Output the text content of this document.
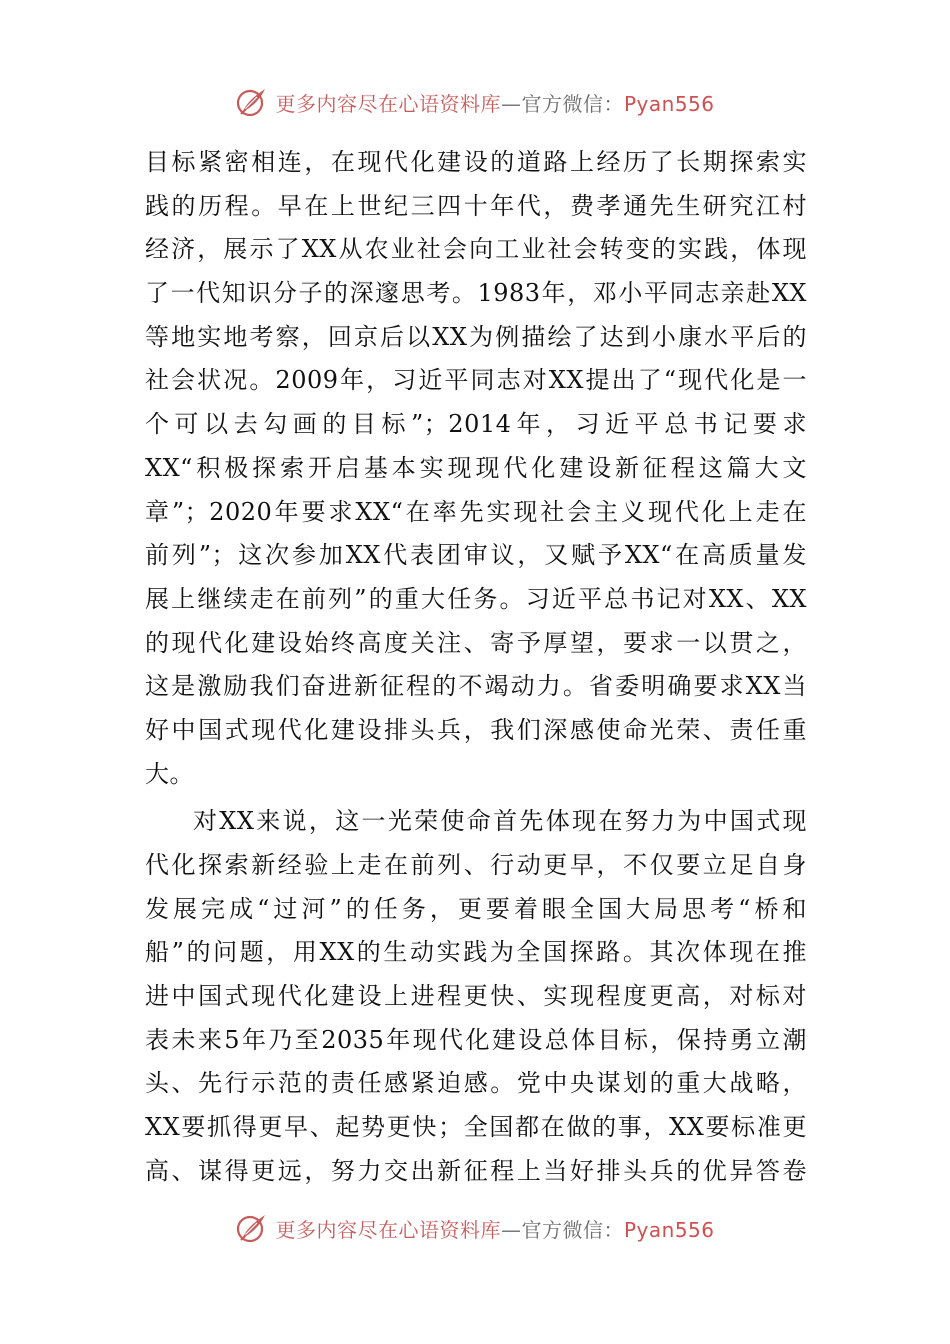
更多内容尽在心语资料库—官方微信：Pyan556
目标紧密相连，在现代化建设的道路上经历了长期探索实
践的历程。早在上世纪三四十年代，费孝通先生研究江村
经济，展示了XX从农业社会向工业社会转变的实践，体现
了一代知识分子的深邃思考。1983年，邓小平同志亲赴XX
等地实地考察，回京后以XX为例描绘了达到小康水平后的
社会状况。2009年，习近平同志对XX提出了“现代化是一
个可以去勾画的目标”；2014年，习近平总书记要求
XX“积极探索开启基本实现现代化建设新征程这篇大文
章”；2020年要求XX“在率先实现社会主义现代化上走在
前列”；这次参加XX代表团审议，又赋予XX“在高质量发
展上继续走在前列”的重大任务。习近平总书记对XX、XX
的现代化建设始终高度关注、寄予厚望，要求一以贯之，
这是激励我们奋进新征程的不竭动力。省委明确要求XX当
好中国式现代化建设排头兵，我们深感使命光荣、责任重
大。
对XX来说，这一光荣使命首先体现在努力为中国式现
代化探索新经验上走在前列、行动更早，不仅要立足自身
发展完成“过河”的任务，更要着眼全国大局思考“桥和
船”的问题，用XX的生动实践为全国探路。其次体现在推
进中国式现代化建设上进程更快、实现程度更高，对标对
表未来5年乃至2035年现代化建设总体目标，保持勇立潮
头、先行示范的责任感紧迫感。党中央谋划的重大战略，
XX要抓得更早、起势更快；全国都在做的事，XX要标准更
高、谋得更远，努力交出新征程上当好排头兵的优异答卷
更多内容尽在心语资料库—官方微信：Pyan556
